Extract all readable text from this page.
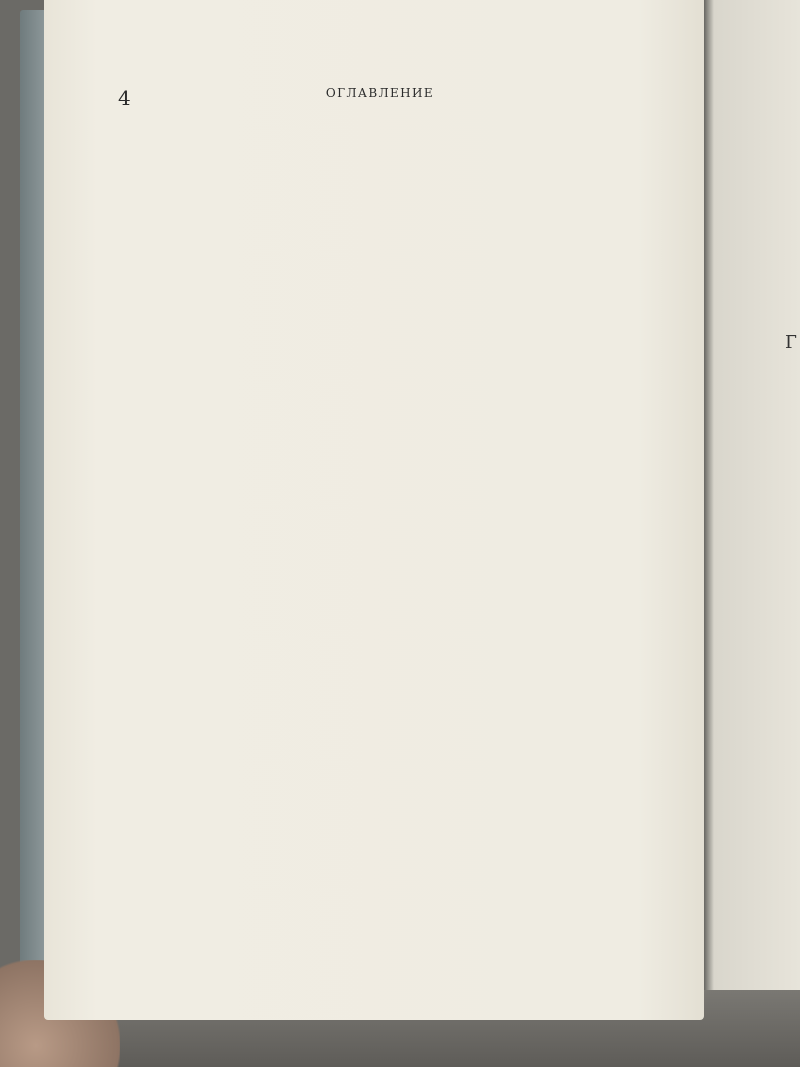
Г
4	ОГЛАВЛЕНИЕ
